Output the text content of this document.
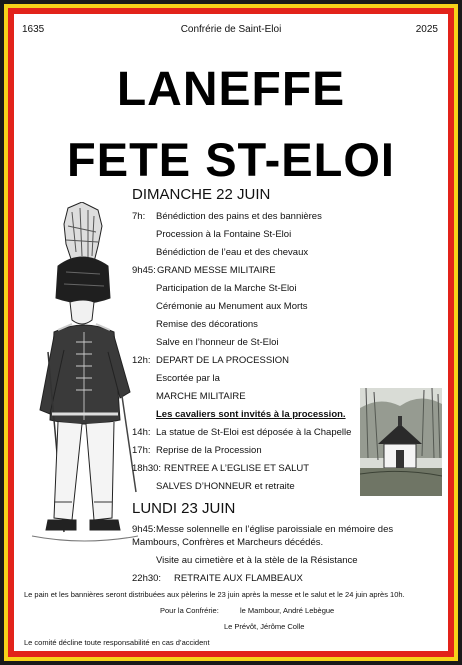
1635	Confrérie de Saint-Eloi	2025
LANEFFE
FETE ST-ELOI
DIMANCHE 22 JUIN
7h: Bénédiction des pains et des bannières
Procession à la Fontaine St-Eloi
Bénédiction de l’eau et des chevaux
9h45: GRAND MESSE MILITAIRE
Participation de la Marche St-Eloi
Cérémonie au Menument aux Morts
Remise des décorations
Salve en l’honneur de St-Eloi
12h: DEPART DE LA PROCESSION
Escortée par la
MARCHE MILITAIRE
Les cavaliers sont invités à la procession.
14h: La statue de St-Eloi est déposée à la Chapelle
17h: Reprise de la Procession
18h30: RENTREE A L’EGLISE ET SALUT
SALVES D’HONNEUR et retraite
LUNDI 23 JUIN
9h45: Messe solennelle en l’église paroissiale en mémoire des
Mambours, Confrères et Marcheurs décédés.
Visite au cimetière et à la stèle de la Résistance
22h30: RETRAITE AUX FLAMBEAUX
Le pain et les bannières seront distribuées aux pèlerins le 23 juin après la messe et le salut et le 24 juin après 10h.
Pour la Confrérie:	le Mambour, André Lebègue
Le Prévôt, Jérôme Colle
Le comité décline toute responsabilité en cas d’accident
